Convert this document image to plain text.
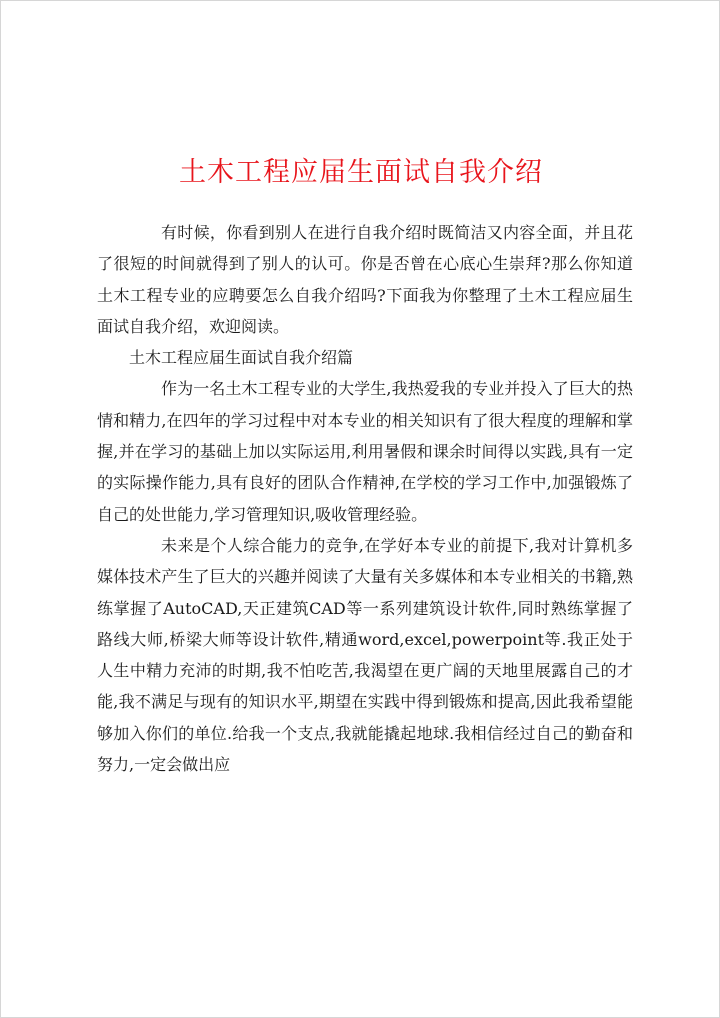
土木工程应届生面试自我介绍

有时候，你看到别人在进行自我介绍时既简洁又内容全面，并且花了很短的时间就得到了别人的认可。你是否曾在心底心生崇拜?那么你知道土木工程专业的应聘要怎么自我介绍吗?下面我为你整理了土木工程应届生面试自我介绍，欢迎阅读。

土木工程应届生面试自我介绍篇

作为一名土木工程专业的大学生,我热爱我的专业并投入了巨大的热情和精力,在四年的学习过程中对本专业的相关知识有了很大程度的理解和掌握,并在学习的基础上加以实际运用,利用暑假和课余时间得以实践,具有一定的实际操作能力,具有良好的团队合作精神,在学校的学习工作中,加强锻炼了自己的处世能力,学习管理知识,吸收管理经验。

未来是个人综合能力的竞争,在学好本专业的前提下,我对计算机多媒体技术产生了巨大的兴趣并阅读了大量有关多媒体和本专业相关的书籍,熟练掌握了AutoCAD,天正建筑CAD等一系列建筑设计软件,同时熟练掌握了路线大师,桥梁大师等设计软件,精通word,excel,powerpoint等.我正处于人生中精力充沛的时期,我不怕吃苦,我渴望在更广阔的天地里展露自己的才能,我不满足与现有的知识水平,期望在实践中得到锻炼和提高,因此我希望能够加入你们的单位.给我一个支点,我就能撬起地球.我相信经过自己的勤奋和努力,一定会做出应
